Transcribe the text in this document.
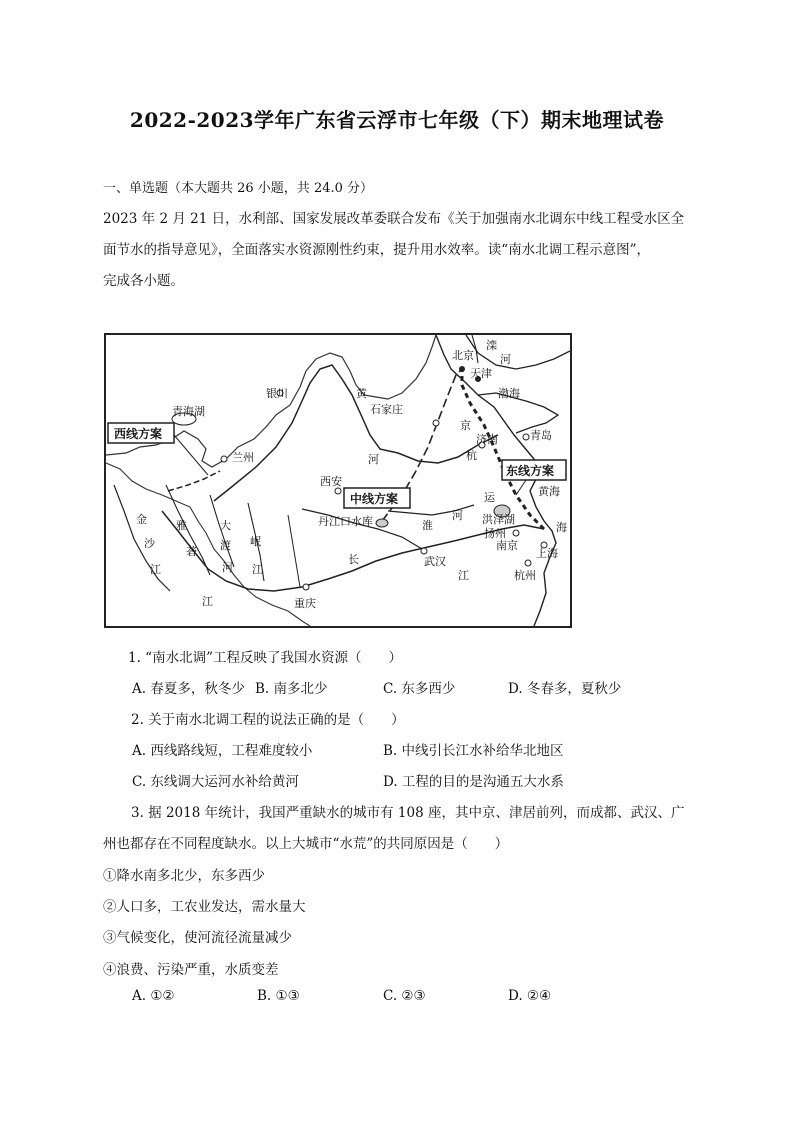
2022-2023学年广东省云浮市七年级（下）期末地理试卷
一、单选题（本大题共 26 小题，共 24.0 分）
2023 年 2 月 21 日，水利部、国家发展改革委联合发布《关于加强南水北调东中线工程受水区全
面节水的指导意见》，全面落实水资源刚性约束，提升用水效率。读“南水北调工程示意图”，
完成各小题。
北京
滦
河
天津
渤海
银川
青海湖
黄
河
石家庄
京
杭
运
济南	青岛
西线方案
东线方案
中线方案
兰州
西安
黄海
金
沙
江
雅
砻
江
大
渡
河
岷
江
丹江口水库	淮
河 洪泽湖
扬州
南京
上海
海
武汉
长
江	杭州
重庆
1. “南水北调”工程反映了我国水资源（　　）
A. 春夏多，秋冬少 B. 南多北少	C. 东多西少	D. 冬春多，夏秋少
2. 关于南水北调工程的说法正确的是（　　）
A. 西线路线短，工程难度较小	B. 中线引长江水补给华北地区
C. 东线调大运河水补给黄河	D. 工程的目的是沟通五大水系
3. 据 2018 年统计，我国严重缺水的城市有 108 座，其中京、津居前列，而成都、武汉、广
州也都存在不同程度缺水。以上大城市“水荒”的共同原因是（　　）
①降水南多北少，东多西少
②人口多，工农业发达，需水量大
③气候变化，使河流径流量减少
④浪费、污染严重，水质变差
A. ①②	B. ①③	C. ②③	D. ②④
